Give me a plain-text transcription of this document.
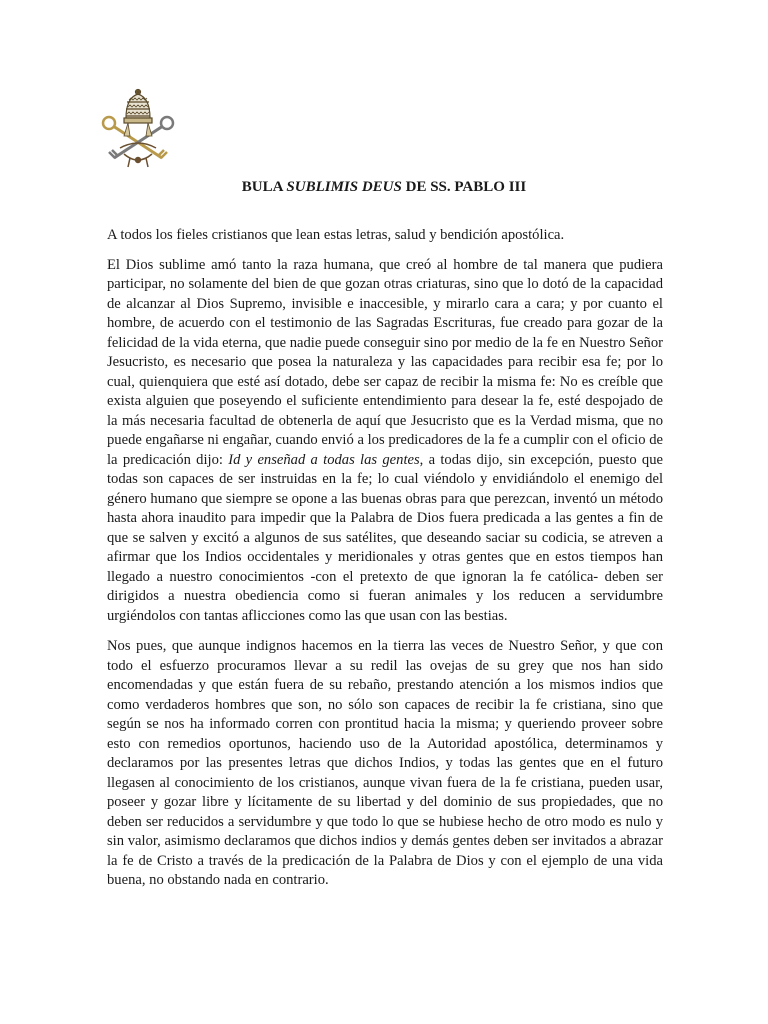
BULA SUBLIMIS DEUS DE SS. PABLO III

A todos los fieles cristianos que lean estas letras, salud y bendición apostólica.

El Dios sublime amó tanto la raza humana, que creó al hombre de tal manera que pudiera participar, no solamente del bien de que gozan otras criaturas, sino que lo dotó de la capacidad de alcanzar al Dios Supremo, invisible e inaccesible, y mirarlo cara a cara; y por cuanto el hombre, de acuerdo con el testimonio de las Sagradas Escrituras, fue creado para gozar de la felicidad de la vida eterna, que nadie puede conseguir sino por medio de la fe en Nuestro Señor Jesucristo, es necesario que posea la naturaleza y las capacidades para recibir esa fe; por lo cual, quienquiera que esté así dotado, debe ser capaz de recibir la misma fe: No es creíble que exista alguien que poseyendo el suficiente entendimiento para desear la fe, esté despojado de la más necesaria facultad de obtenerla de aquí que Jesucristo que es la Verdad misma, que no puede engañarse ni engañar, cuando envió a los predicadores de la fe a cumplir con el oficio de la predicación dijo: Id y enseñad a todas las gentes, a todas dijo, sin excepción, puesto que todas son capaces de ser instruidas en la fe; lo cual viéndolo y envidiándolo el enemigo del género humano que siempre se opone a las buenas obras para que perezcan, inventó un método hasta ahora inaudito para impedir que la Palabra de Dios fuera predicada a las gentes a fin de que se salven y excitó a algunos de sus satélites, que deseando saciar su codicia, se atreven a afirmar que los Indios occidentales y meridionales y otras gentes que en estos tiempos han llegado a nuestro conocimientos -con el pretexto de que ignoran la fe católica- deben ser dirigidos a nuestra obediencia como si fueran animales y los reducen a servidumbre urgiéndolos con tantas aflicciones como las que usan con las bestias.

Nos pues, que aunque indignos hacemos en la tierra las veces de Nuestro Señor, y que con todo el esfuerzo procuramos llevar a su redil las ovejas de su grey que nos han sido encomendadas y que están fuera de su rebaño, prestando atención a los mismos indios que como verdaderos hombres que son, no sólo son capaces de recibir la fe cristiana, sino que según se nos ha informado corren con prontitud hacia la misma; y queriendo proveer sobre esto con remedios oportunos, haciendo uso de la Autoridad apostólica, determinamos y declaramos por las presentes letras que dichos Indios, y todas las gentes que en el futuro llegasen al conocimiento de los cristianos, aunque vivan fuera de la fe cristiana, pueden usar, poseer y gozar libre y lícitamente de su libertad y del dominio de sus propiedades, que no deben ser reducidos a servidumbre y que todo lo que se hubiese hecho de otro modo es nulo y sin valor, asimismo declaramos que dichos indios y demás gentes deben ser invitados a abrazar la fe de Cristo a través de la predicación de la Palabra de Dios y con el ejemplo de una vida buena, no obstando nada en contrario.
